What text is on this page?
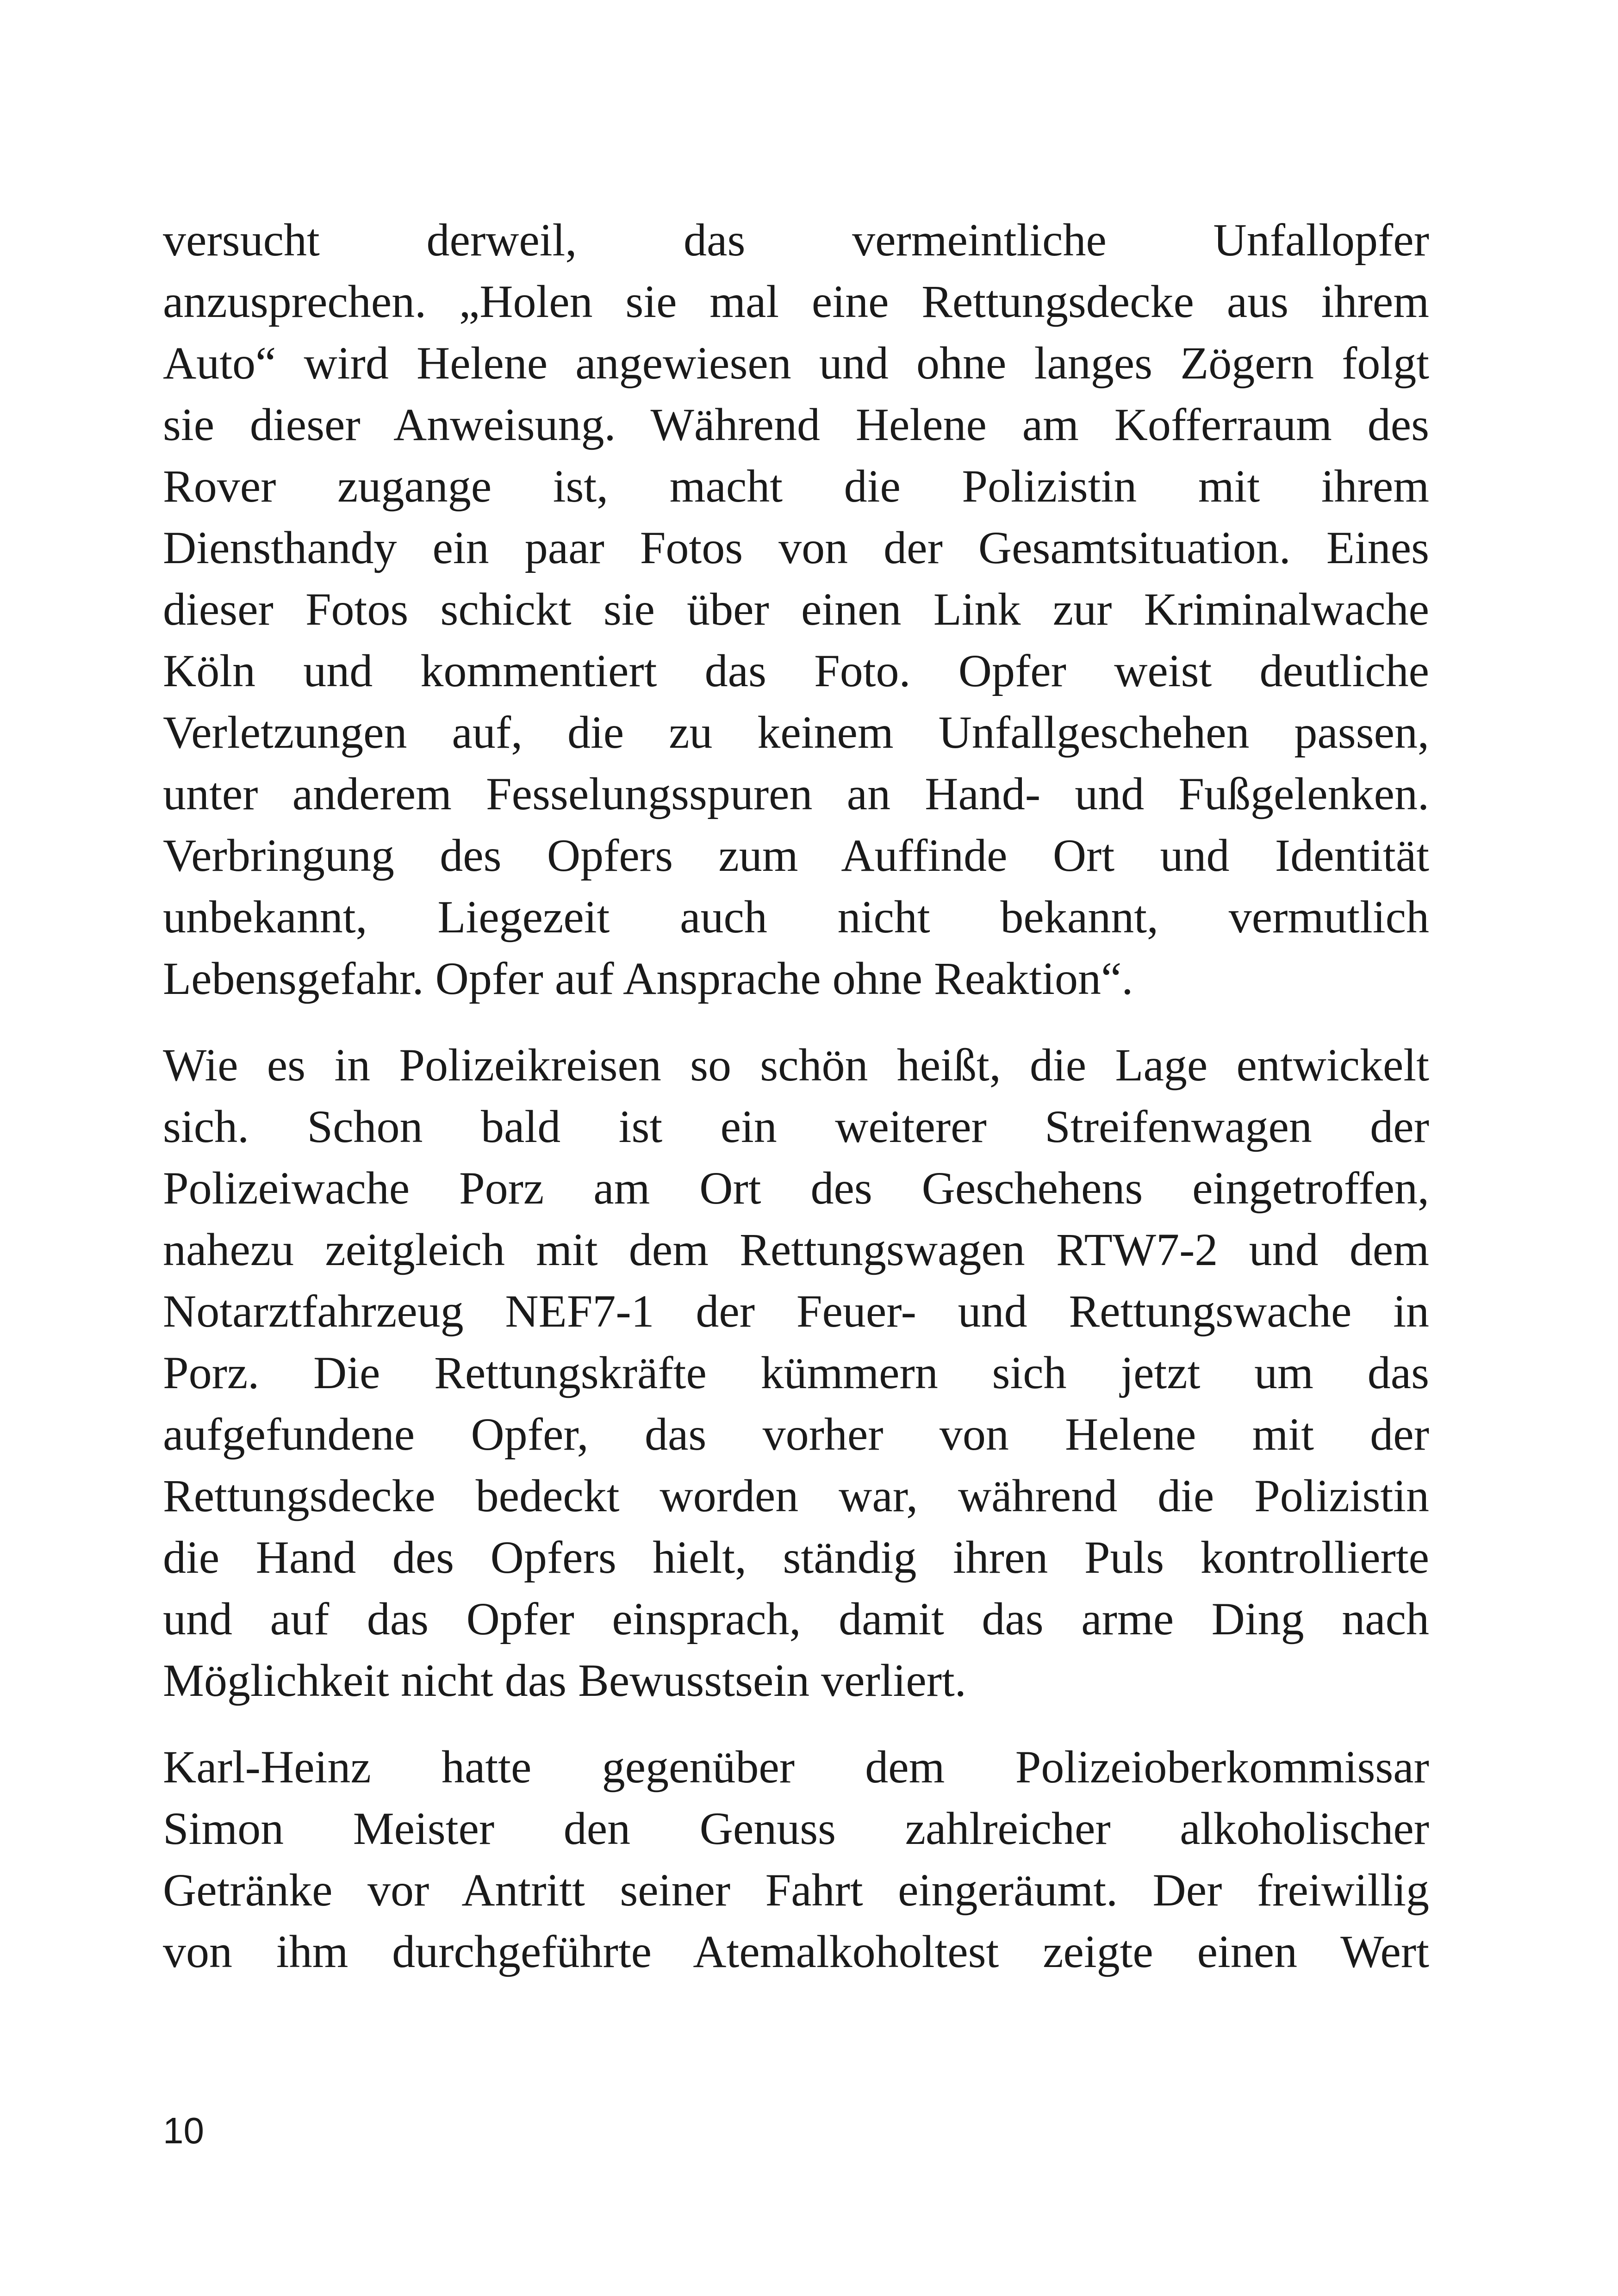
versucht derweil, das vermeintliche Unfallopfer
anzusprechen. „Holen sie mal eine Rettungsdecke aus ihrem
Auto“ wird Helene angewiesen und ohne langes Zögern folgt
sie dieser Anweisung. Während Helene am Kofferraum des
Rover zugange ist, macht die Polizistin mit ihrem
Diensthandy ein paar Fotos von der Gesamtsituation. Eines
dieser Fotos schickt sie über einen Link zur Kriminalwache
Köln und kommentiert das Foto. Opfer weist deutliche
Verletzungen auf, die zu keinem Unfallgeschehen passen,
unter anderem Fesselungsspuren an Hand- und Fußgelenken.
Verbringung des Opfers zum Auffinde Ort und Identität
unbekannt, Liegezeit auch nicht bekannt, vermutlich
Lebensgefahr. Opfer auf Ansprache ohne Reaktion“.

Wie es in Polizeikreisen so schön heißt, die Lage entwickelt
sich. Schon bald ist ein weiterer Streifenwagen der
Polizeiwache Porz am Ort des Geschehens eingetroffen,
nahezu zeitgleich mit dem Rettungswagen RTW7-2 und dem
Notarztfahrzeug NEF7-1 der Feuer- und Rettungswache in
Porz. Die Rettungskräfte kümmern sich jetzt um das
aufgefundene Opfer, das vorher von Helene mit der
Rettungsdecke bedeckt worden war, während die Polizistin
die Hand des Opfers hielt, ständig ihren Puls kontrollierte
und auf das Opfer einsprach, damit das arme Ding nach
Möglichkeit nicht das Bewusstsein verliert.

Karl-Heinz hatte gegenüber dem Polizeioberkommissar
Simon Meister den Genuss zahlreicher alkoholischer
Getränke vor Antritt seiner Fahrt eingeräumt. Der freiwillig
von ihm durchgeführte Atemalkoholtest zeigte einen Wert

10
